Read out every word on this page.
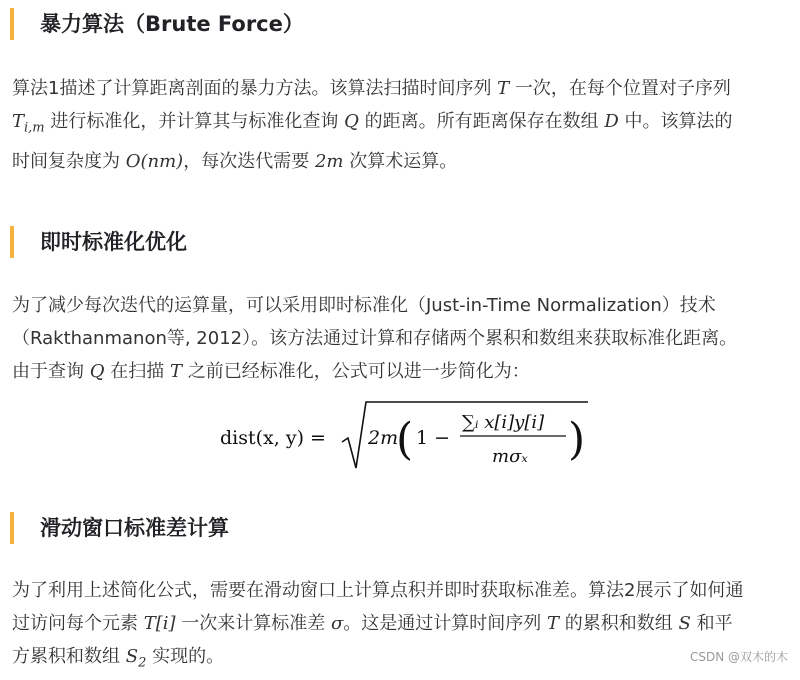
暴力算法（Brute Force）
算法1描述了计算距离剖面的暴力方法。该算法扫描时间序列 T 一次，在每个位置对子序列
$T_{i,m}$ 进行标准化，并计算其与标准化查询 Q 的距离。所有距离保存在数组 D 中。该算法的
时间复杂度为 O(nm)，每次迭代需要 2m 次算术运算。
即时标准化优化
为了减少每次迭代的运算量，可以采用即时标准化（Just-in-Time Normalization）技术
（Rakthanmanon等, 2012）。该方法通过计算和存储两个累积和数组来获取标准化距离。
由于查询 Q 在扫描 T 之前已经标准化，公式可以进一步简化为：
dist(x, y) = 2m
( 1 −
∑ᵢ x[i]y[i]
mσₓ )
滑动窗口标准差计算
为了利用上述简化公式，需要在滑动窗口上计算点积并即时获取标准差。算法2展示了如何通
过访问每个元素 T[i] 一次来计算标准差 σ。这是通过计算时间序列 T 的累积和数组 S 和平
方累积和数组 $S_2$ 实现的。	CSDN @双木的木
